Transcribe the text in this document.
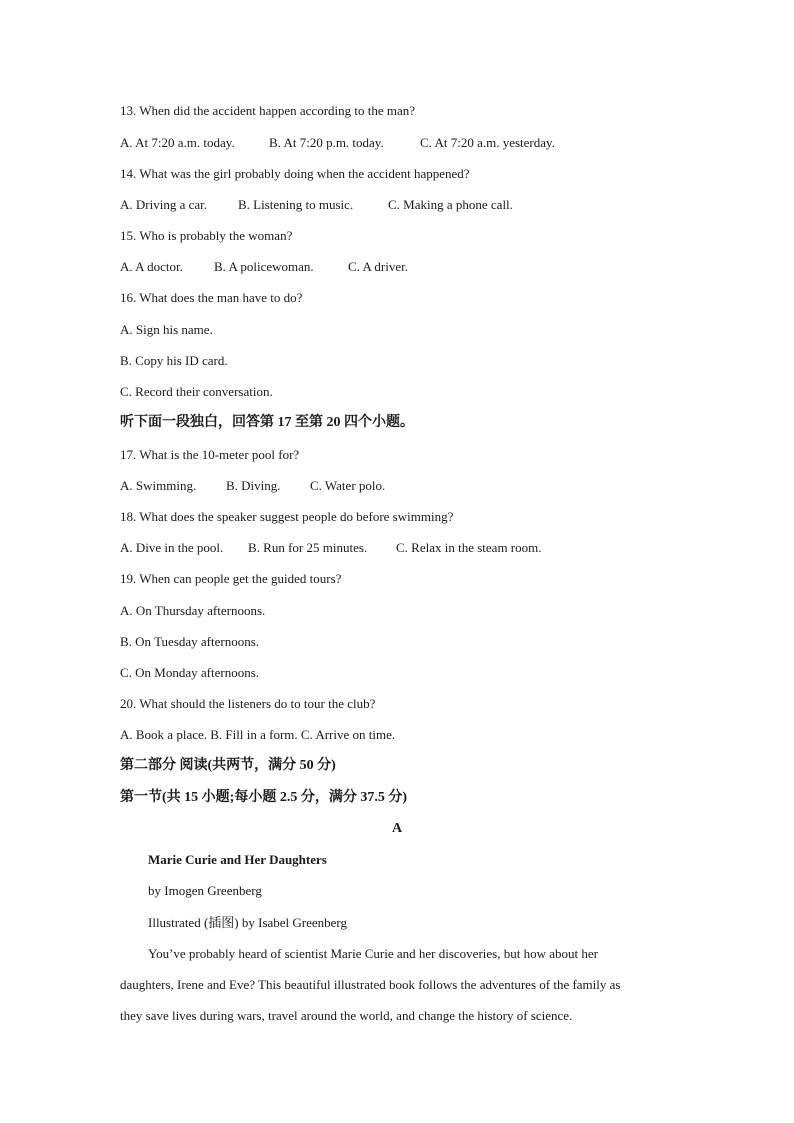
13. When did the accident happen according to the man?
A. At 7:20 a.m. today.	B. At 7:20 p.m. today.	C. At 7:20 a.m. yesterday.
14. What was the girl probably doing when the accident happened?
A. Driving a car. B. Listening to music.	C. Making a phone call.
15. Who is probably the woman?
A. A doctor. B. A policewoman.	C. A driver.
16. What does the man have to do?
A. Sign his name.
B. Copy his ID card.
C. Record their conversation.
听下面一段独白，回答第 17 至第 20 四个小题。
17. What is the 10-meter pool for?
A. Swimming. B. Diving. C. Water polo.
18. What does the speaker suggest people do before swimming?
A. Dive in the pool. B. Run for 25 minutes. C. Relax in the steam room.
19. When can people get the guided tours?
A. On Thursday afternoons.
B. On Tuesday afternoons.
C. On Monday afternoons.
20. What should the listeners do to tour the club?
A. Book a place. B. Fill in a form. C. Arrive on time.
第二部分 阅读(共两节，满分 50 分)
第一节(共 15 小题;每小题 2.5 分，满分 37.5 分)
A
Marie Curie and Her Daughters
by Imogen Greenberg
Illustrated (插图) by Isabel Greenberg
You’ve probably heard of scientist Marie Curie and her discoveries, but how about her
daughters, Irene and Eve? This beautiful illustrated book follows the adventures of the family as
they save lives during wars, travel around the world, and change the history of science.
